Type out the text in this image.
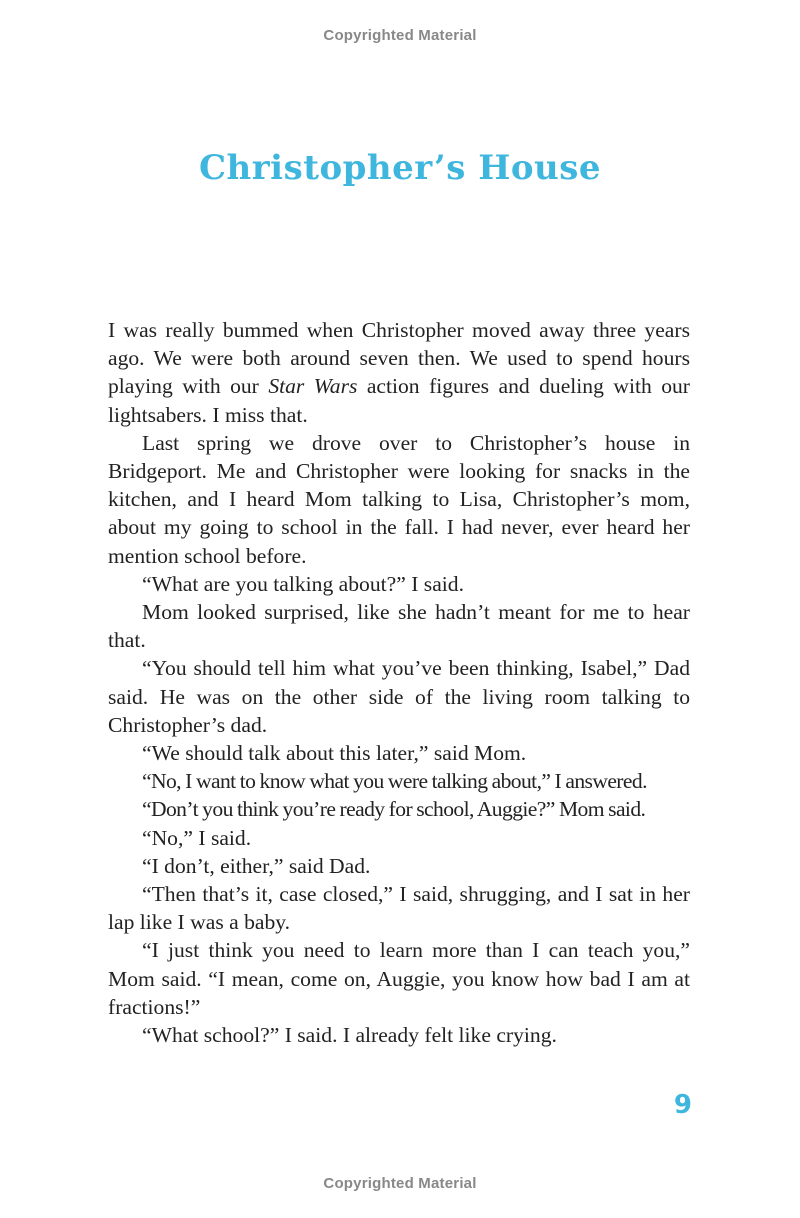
Copyrighted Material
Christopher’s House

I was really bummed when Christopher moved away three years ago. We were both around seven then. We used to spend hours playing with our Star Wars action figures and dueling with our lightsabers. I miss that.

Last spring we drove over to Christopher’s house in Bridgeport. Me and Christopher were looking for snacks in the kitchen, and I heard Mom talking to Lisa, Christopher’s mom, about my going to school in the fall. I had never, ever heard her mention school before.

“What are you talking about?” I said.

Mom looked surprised, like she hadn’t meant for me to hear that.

“You should tell him what you’ve been thinking, Isabel,” Dad said. He was on the other side of the living room talking to Christopher’s dad.

“We should talk about this later,” said Mom.

“No, I want to know what you were talking about,” I answered.

“Don’t you think you’re ready for school, Auggie?” Mom said.

“No,” I said.

“I don’t, either,” said Dad.

“Then that’s it, case closed,” I said, shrugging, and I sat in her lap like I was a baby.

“I just think you need to learn more than I can teach you,” Mom said. “I mean, come on, Auggie, you know how bad I am at fractions!”

“What school?” I said. I already felt like crying.

9
Copyrighted Material
